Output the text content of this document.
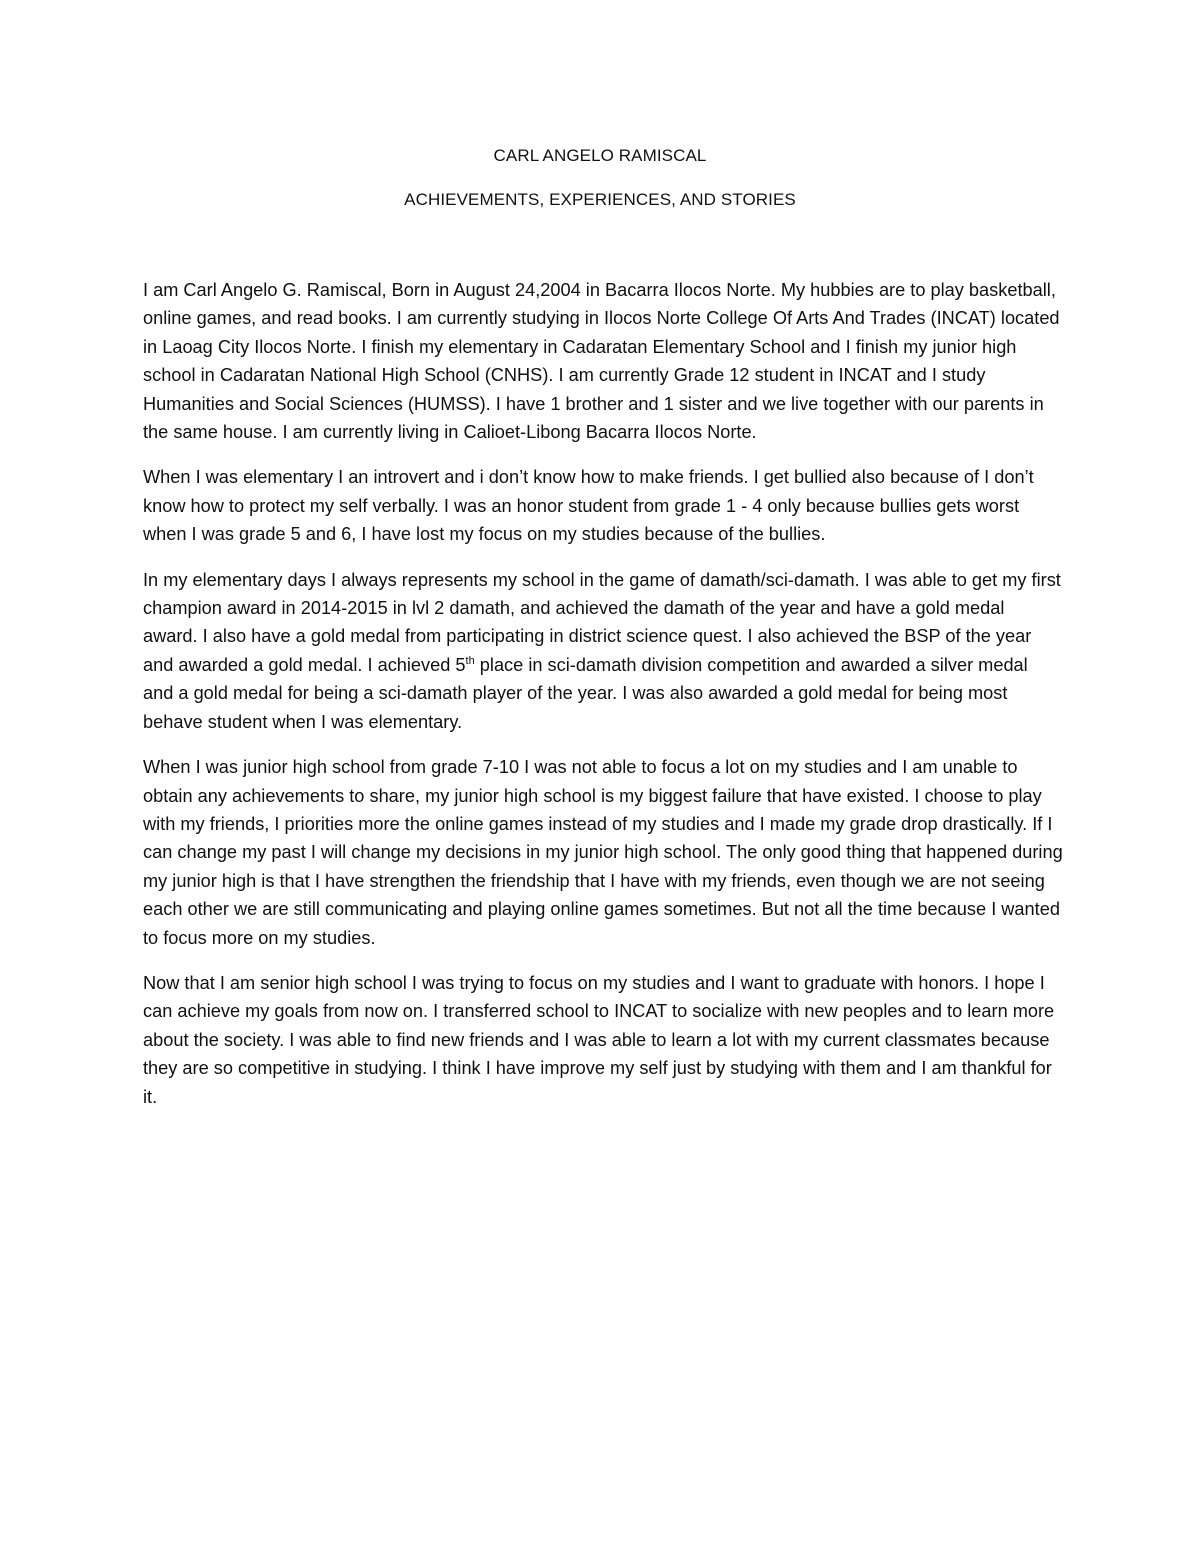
CARL ANGELO RAMISCAL
ACHIEVEMENTS, EXPERIENCES, AND STORIES

I am Carl Angelo G. Ramiscal, Born in August 24,2004 in Bacarra Ilocos Norte. My hubbies are to play basketball, online games, and read books. I am currently studying in Ilocos Norte College Of Arts And Trades (INCAT) located in Laoag City Ilocos Norte. I finish my elementary in Cadaratan Elementary School and I finish my junior high school in Cadaratan National High School (CNHS). I am currently Grade 12 student in INCAT and I study Humanities and Social Sciences (HUMSS). I have 1 brother and 1 sister and we live together with our parents in the same house. I am currently living in Calioet-Libong Bacarra Ilocos Norte.

When I was elementary I an introvert and i don’t know how to make friends. I get bullied also because of I don’t know how to protect my self verbally. I was an honor student from grade 1 - 4 only because bullies gets worst when I was grade 5 and 6, I have lost my focus on my studies because of the bullies.

In my elementary days I always represents my school in the game of damath/sci-damath. I was able to get my first champion award in 2014-2015 in lvl 2 damath, and achieved the damath of the year and have a gold medal award. I also have a gold medal from participating in district science quest. I also achieved the BSP of the year and awarded a gold medal. I achieved 5th place in sci-damath division competition and awarded a silver medal and a gold medal for being a sci-damath player of the year. I was also awarded a gold medal for being most behave student when I was elementary.

When I was junior high school from grade 7-10 I was not able to focus a lot on my studies and I am unable to obtain any achievements to share, my junior high school is my biggest failure that have existed. I choose to play with my friends, I priorities more the online games instead of my studies and I made my grade drop drastically. If I can change my past I will change my decisions in my junior high school. The only good thing that happened during my junior high is that I have strengthen the friendship that I have with my friends, even though we are not seeing each other we are still communicating and playing online games sometimes. But not all the time because I wanted to focus more on my studies.

Now that I am senior high school I was trying to focus on my studies and I want to graduate with honors. I hope I can achieve my goals from now on. I transferred school to INCAT to socialize with new peoples and to learn more about the society. I was able to find new friends and I was able to learn a lot with my current classmates because they are so competitive in studying. I think I have improve my self just by studying with them and I am thankful for it.
